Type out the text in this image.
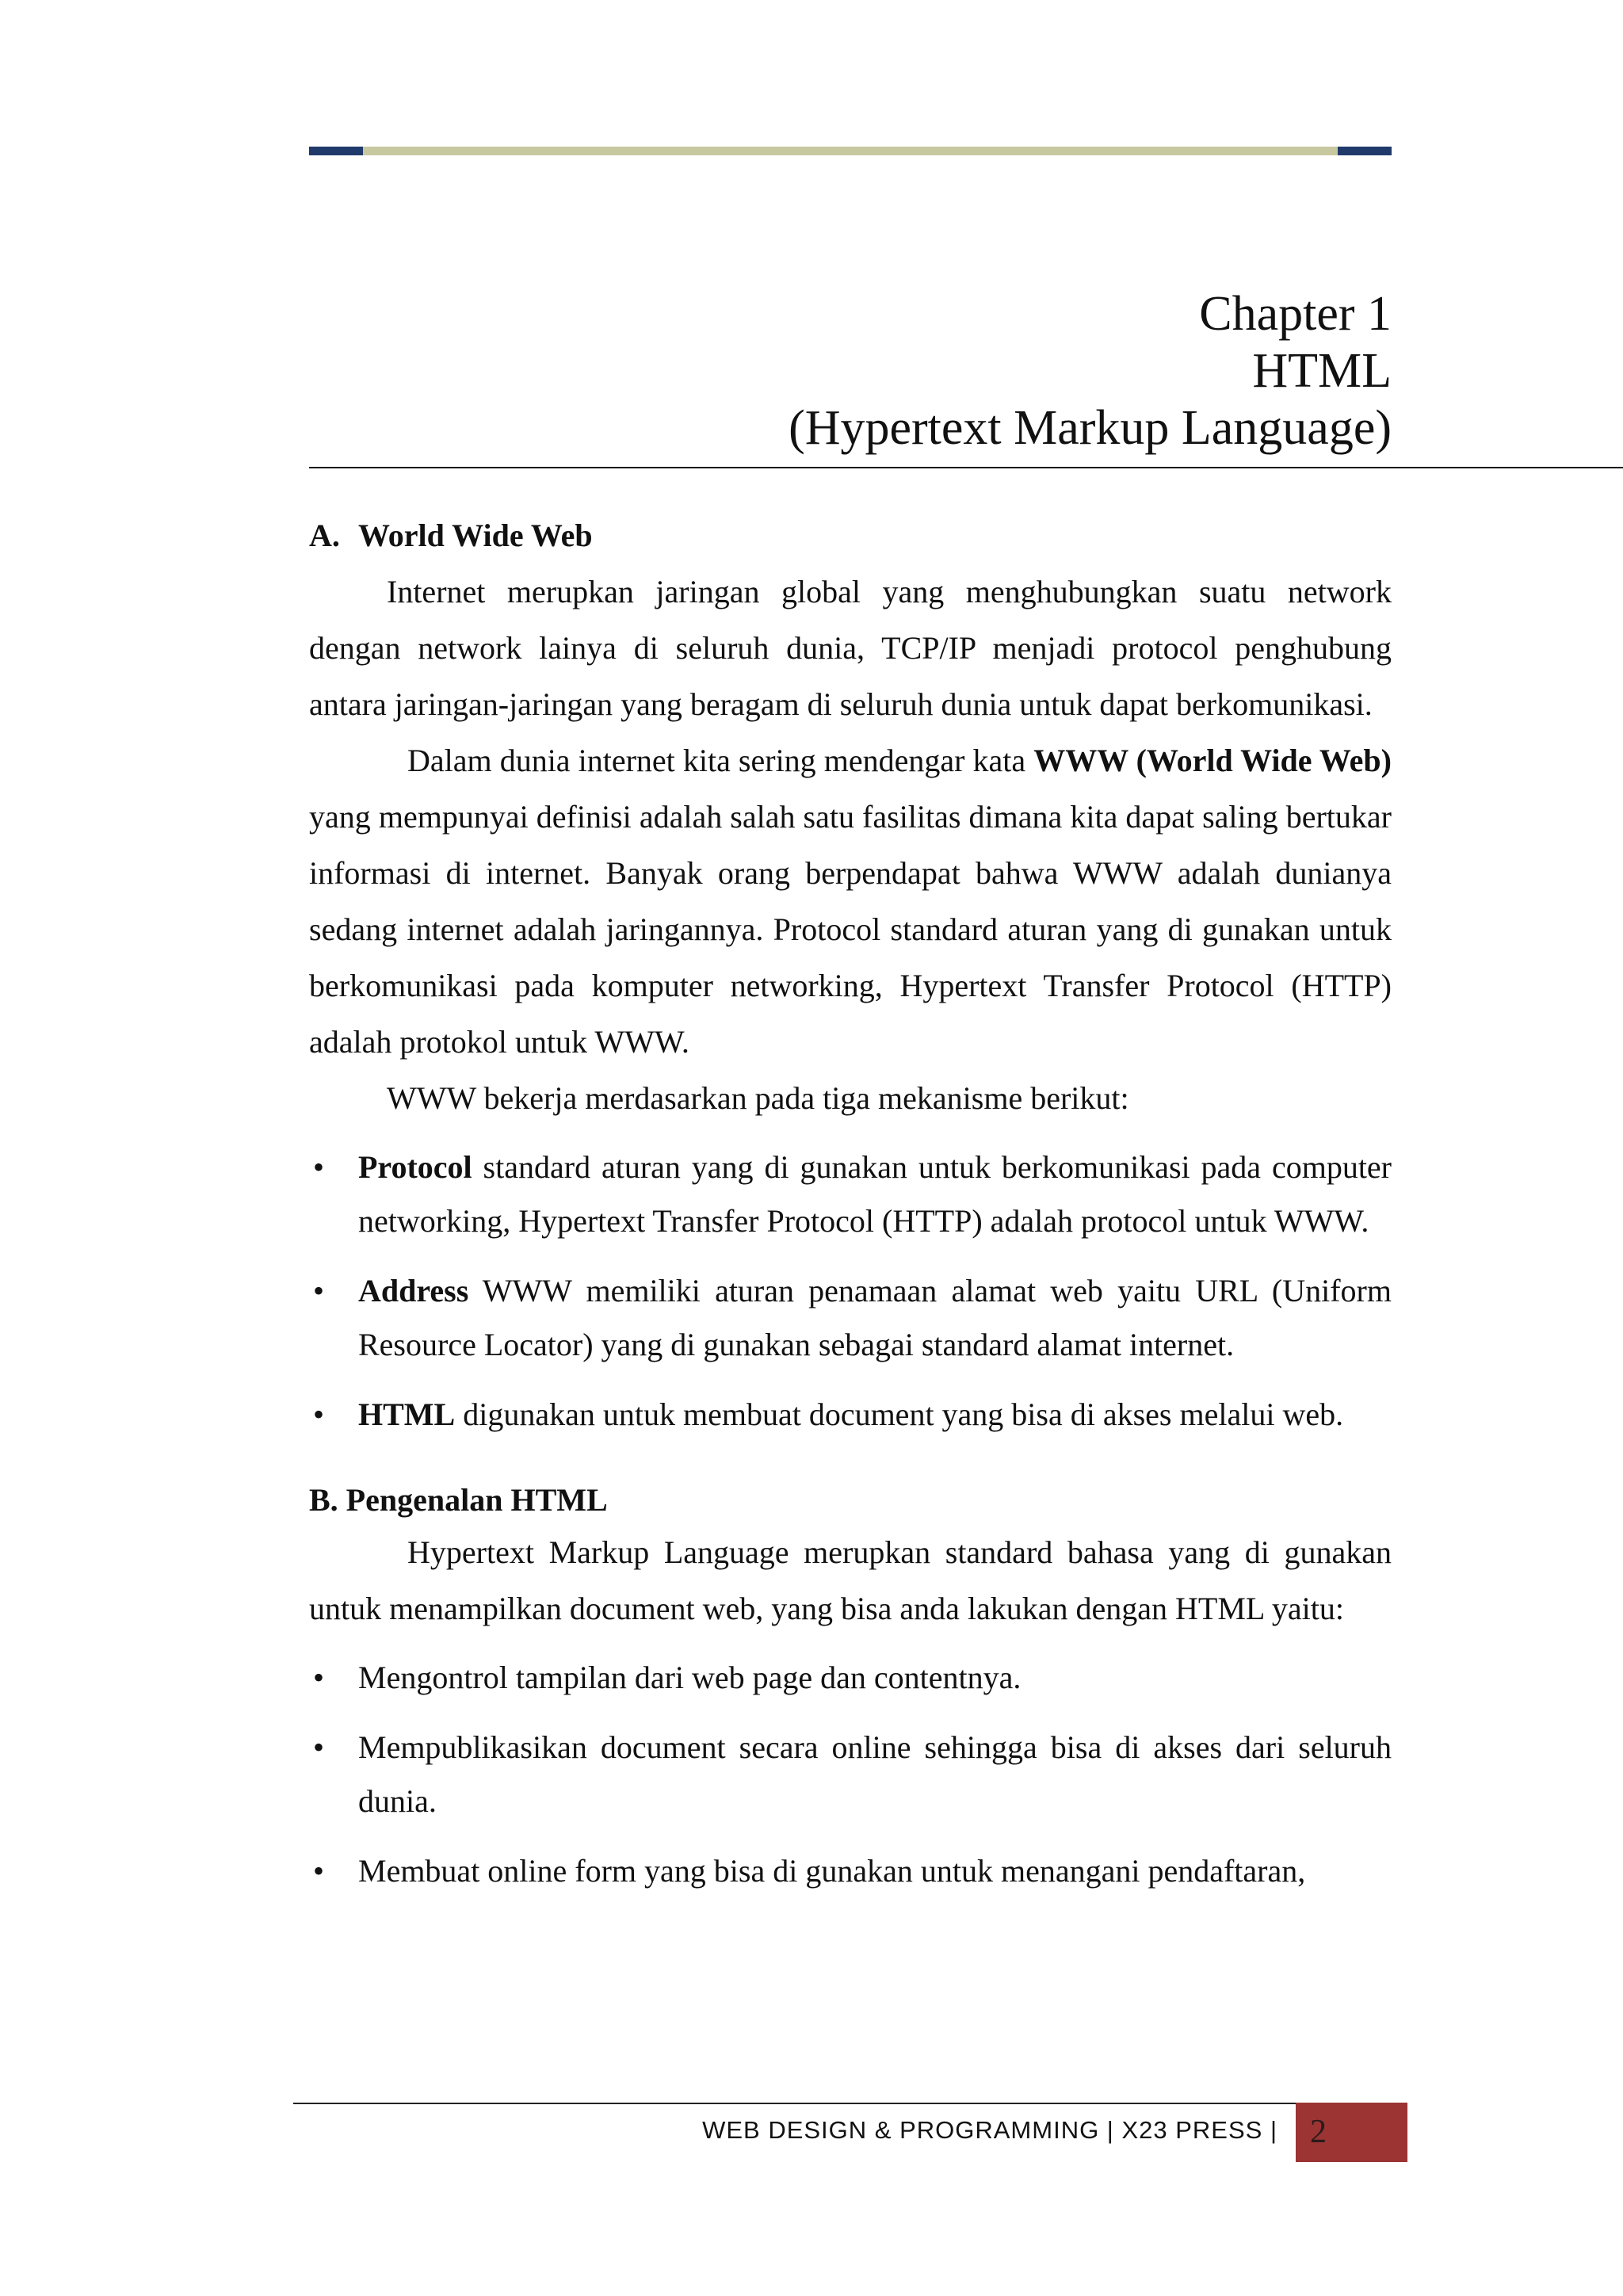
Chapter 1
HTML
(Hypertext Markup Language)
A. World Wide Web

Internet merupkan jaringan global yang menghubungkan suatu network dengan network lainya di seluruh dunia, TCP/IP menjadi protocol penghubung antara jaringan-jaringan yang beragam di seluruh dunia untuk dapat berkomunikasi.

Dalam dunia internet kita sering mendengar kata WWW (World Wide Web) yang mempunyai definisi adalah salah satu fasilitas dimana kita dapat saling bertukar informasi di internet. Banyak orang berpendapat bahwa WWW adalah dunianya sedang internet adalah jaringannya. Protocol standard aturan yang di gunakan untuk berkomunikasi pada komputer networking, Hypertext Transfer Protocol (HTTP) adalah protokol untuk WWW.

WWW bekerja merdasarkan pada tiga mekanisme berikut:

• Protocol standard aturan yang di gunakan untuk berkomunikasi pada computer networking, Hypertext Transfer Protocol (HTTP) adalah protocol untuk WWW.
• Address WWW memiliki aturan penamaan alamat web yaitu URL (Uniform Resource Locator) yang di gunakan sebagai standard alamat internet.
• HTML digunakan untuk membuat document yang bisa di akses melalui web.
B. Pengenalan HTML

Hypertext Markup Language merupkan standard bahasa yang di gunakan untuk menampilkan document web, yang bisa anda lakukan dengan HTML yaitu:

• Mengontrol tampilan dari web page dan contentnya.
• Mempublikasikan document secara online sehingga bisa di akses dari seluruh dunia.
• Membuat online form yang bisa di gunakan untuk menangani pendaftaran,
WEB DESIGN & PROGRAMMING | X23 PRESS | 2
